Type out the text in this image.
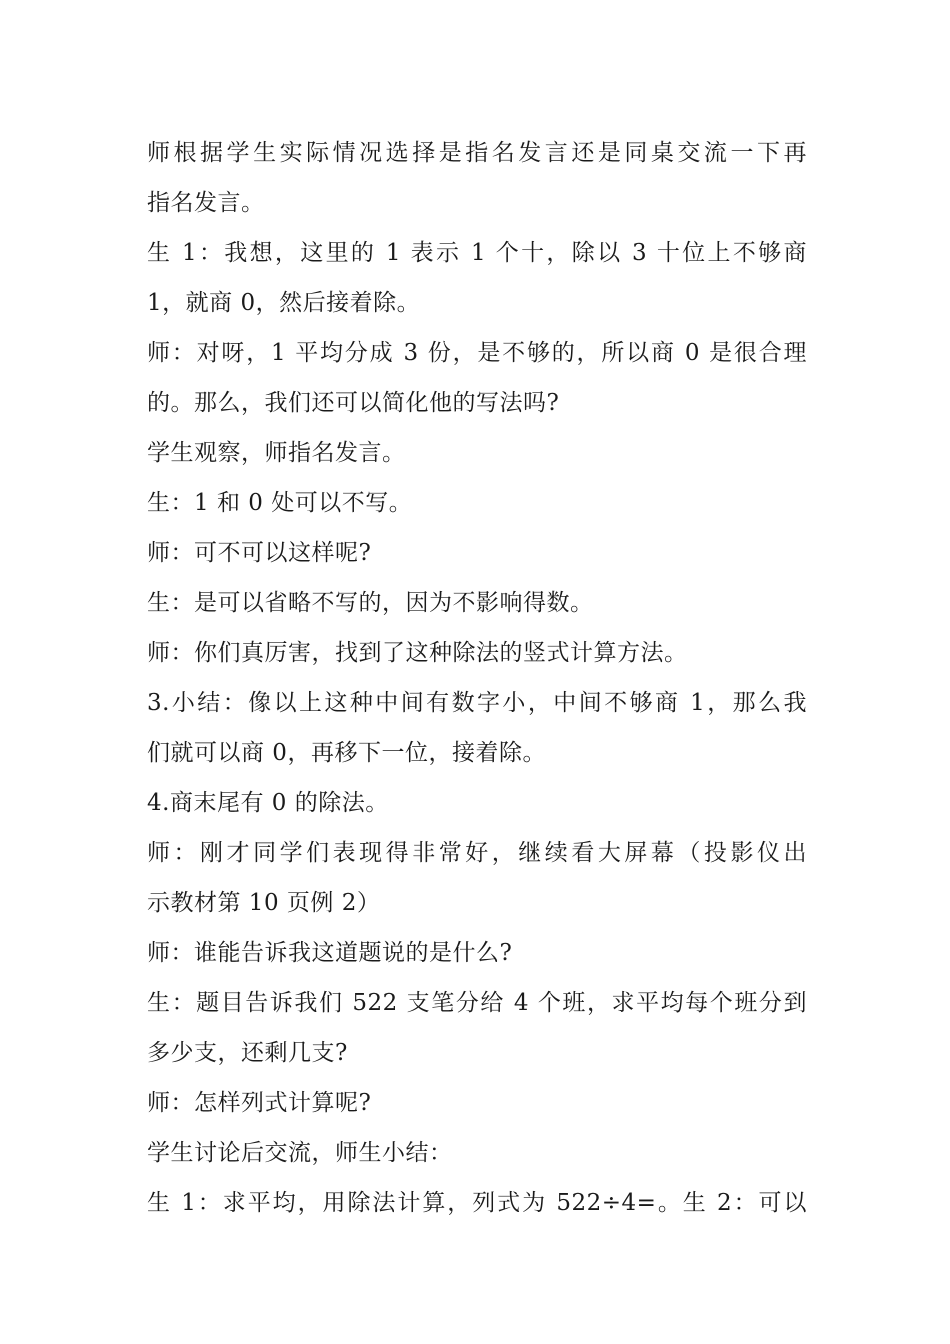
师根据学生实际情况选择是指名发言还是同桌交流一下再
指名发言。
生 1：我想，这里的 1 表示 1 个十，除以 3 十位上不够商
1，就商 0，然后接着除。
师：对呀，1 平均分成 3 份，是不够的，所以商 0 是很合理
的。那么，我们还可以简化他的写法吗?
学生观察，师指名发言。
生：1 和 0 处可以不写。
师：可不可以这样呢?
生：是可以省略不写的，因为不影响得数。
师：你们真厉害，找到了这种除法的竖式计算方法。
3.小结：像以上这种中间有数字小，中间不够商 1，那么我
们就可以商 0，再移下一位，接着除。
4.商末尾有 0 的除法。
师：刚才同学们表现得非常好，继续看大屏幕（投影仪出
示教材第 10 页例 2）
师：谁能告诉我这道题说的是什么?
生：题目告诉我们 522 支笔分给 4 个班，求平均每个班分到
多少支，还剩几支?
师：怎样列式计算呢?
学生讨论后交流，师生小结：
生 1：求平均，用除法计算，列式为 522÷4=。生 2：可以
